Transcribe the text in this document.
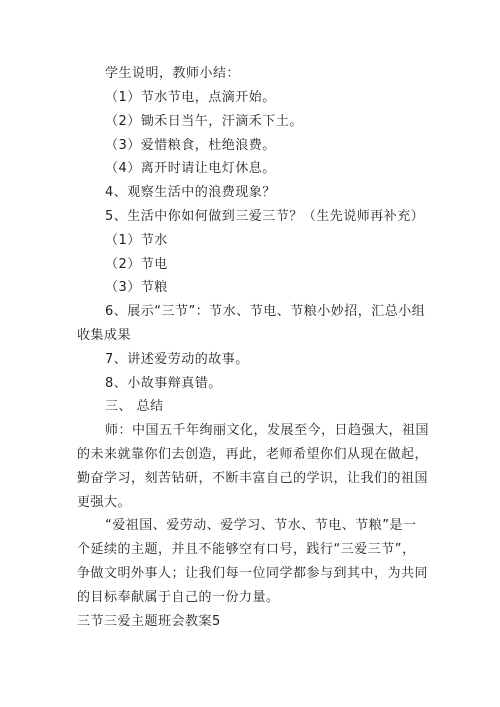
学生说明，教师小结：
（1）节水节电，点滴开始。
（2）锄禾日当午，汗滴禾下土。
（3）爱惜粮食，杜绝浪费。
（4）离开时请让电灯休息。
4、观察生活中的浪费现象？
5、生活中你如何做到三爱三节？（生先说师再补充）
（1）节水
（2）节电
（3）节粮
6、展示“三节”：节水、节电、节粮小妙招，汇总小组
收集成果
7、讲述爱劳动的故事。
8、小故事辩真错。
三、 总结
师：中国五千年绚丽文化，发展至今，日趋强大，祖国
的未来就靠你们去创造，再此，老师希望你们从现在做起，
勤奋学习，刻苦钻研，不断丰富自己的学识，让我们的祖国
更强大。
“爱祖国、爱劳动、爱学习、节水、节电、节粮”是一
个延续的主题，并且不能够空有口号，践行“三爱三节”，
争做文明外事人；让我们每一位同学都参与到其中，为共同
的目标奉献属于自己的一份力量。
三节三爱主题班会教案5
